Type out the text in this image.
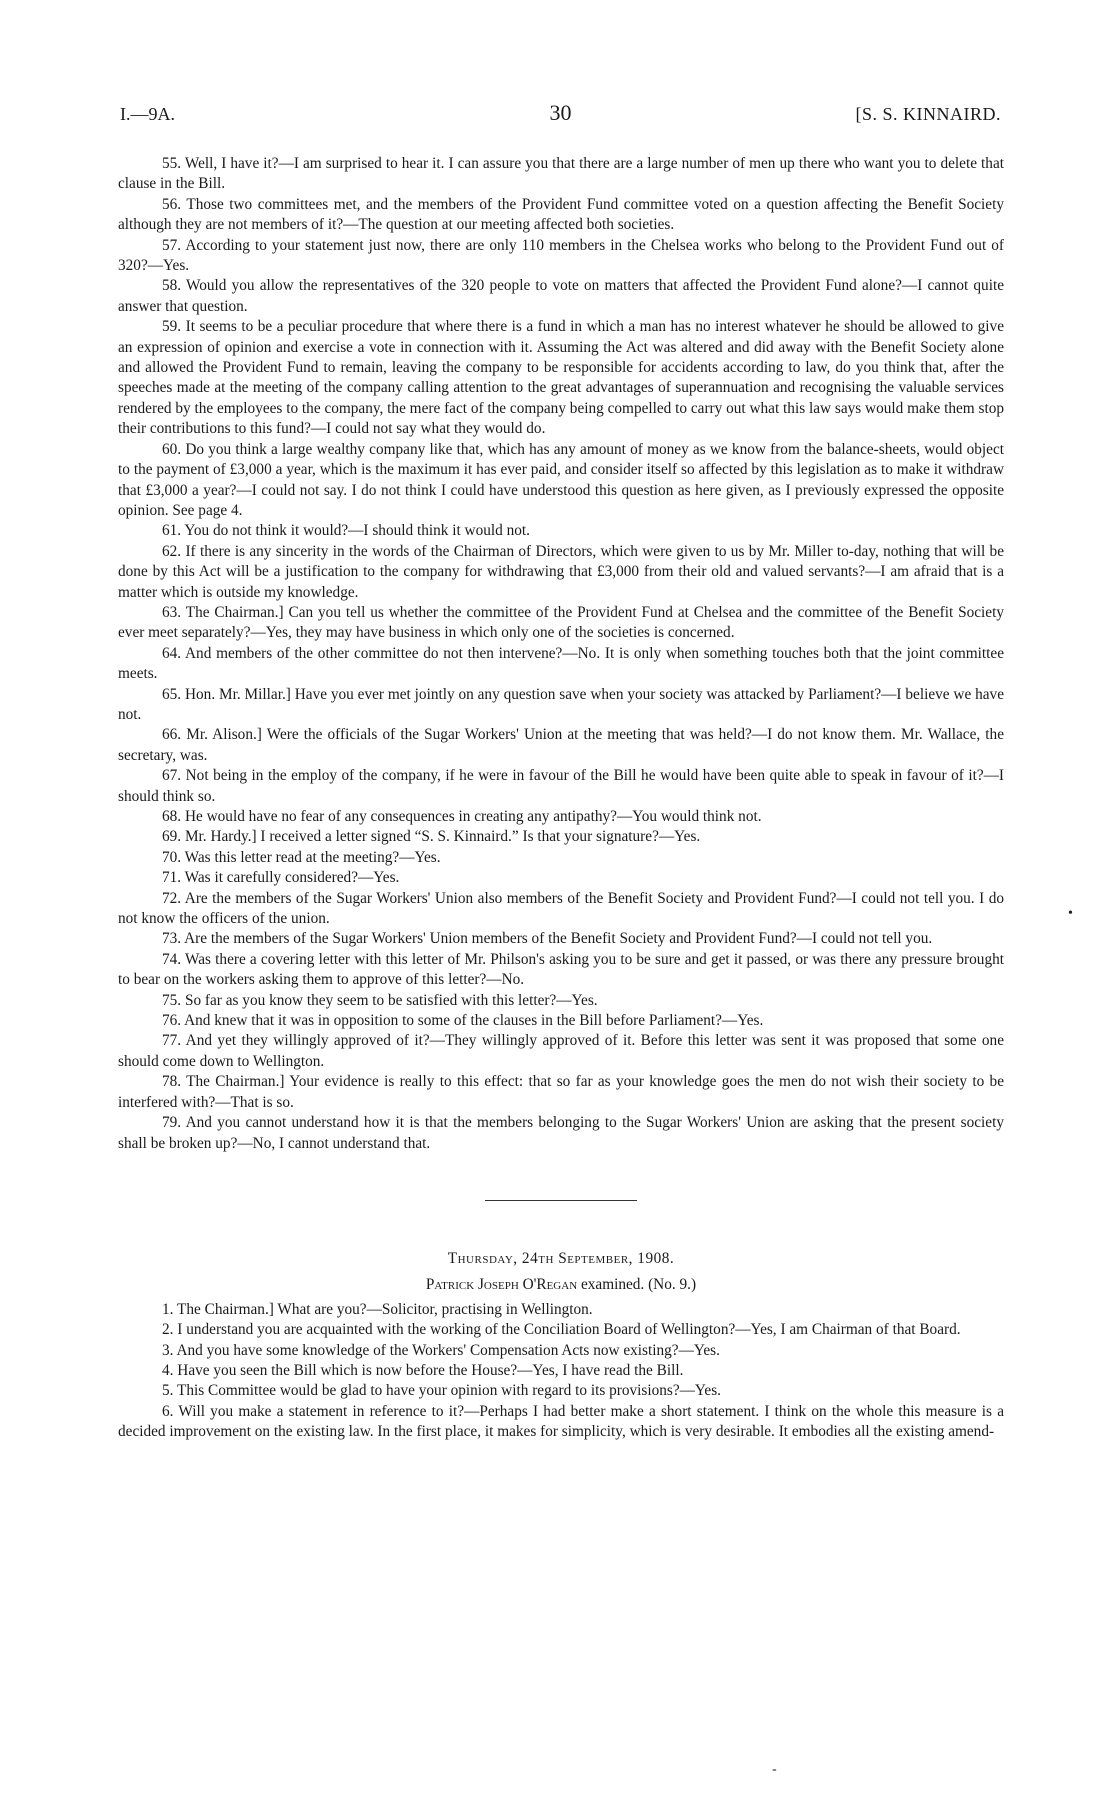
I.—9A.	30	[S. S. KINNAIRD.

55. Well, I have it?—I am surprised to hear it. I can assure you that there are a large number of men up there who want you to delete that clause in the Bill.

56. Those two committees met, and the members of the Provident Fund committee voted on a question affecting the Benefit Society although they are not members of it?—The question at our meeting affected both societies.

57. According to your statement just now, there are only 110 members in the Chelsea works who belong to the Provident Fund out of 320?—Yes.

58. Would you allow the representatives of the 320 people to vote on matters that affected the Provident Fund alone?—I cannot quite answer that question.

59. It seems to be a peculiar procedure that where there is a fund in which a man has no interest whatever he should be allowed to give an expression of opinion and exercise a vote in connection with it. Assuming the Act was altered and did away with the Benefit Society alone and allowed the Provident Fund to remain, leaving the company to be responsible for accidents according to law, do you think that, after the speeches made at the meeting of the company calling attention to the great advantages of superannuation and recognising the valuable services rendered by the employees to the company, the mere fact of the company being compelled to carry out what this law says would make them stop their contributions to this fund?—I could not say what they would do.

60. Do you think a large wealthy company like that, which has any amount of money as we know from the balance-sheets, would object to the payment of £3,000 a year, which is the maximum it has ever paid, and consider itself so affected by this legislation as to make it withdraw that £3,000 a year?—I could not say. I do not think I could have understood this question as here given, as I previously expressed the opposite opinion. See page 4.

61. You do not think it would?—I should think it would not.

62. If there is any sincerity in the words of the Chairman of Directors, which were given to us by Mr. Miller to-day, nothing that will be done by this Act will be a justification to the company for withdrawing that £3,000 from their old and valued servants?—I am afraid that is a matter which is outside my knowledge.

63. The Chairman.] Can you tell us whether the committee of the Provident Fund at Chelsea and the committee of the Benefit Society ever meet separately?—Yes, they may have business in which only one of the societies is concerned.

64. And members of the other committee do not then intervene?—No. It is only when something touches both that the joint committee meets.

65. Hon. Mr. Millar.] Have you ever met jointly on any question save when your society was attacked by Parliament?—I believe we have not.

66. Mr. Alison.] Were the officials of the Sugar Workers' Union at the meeting that was held?—I do not know them. Mr. Wallace, the secretary, was.

67. Not being in the employ of the company, if he were in favour of the Bill he would have been quite able to speak in favour of it?—I should think so.

68. He would have no fear of any consequences in creating any antipathy?—You would think not.

69. Mr. Hardy.] I received a letter signed “S. S. Kinnaird.” Is that your signature?—Yes.

70. Was this letter read at the meeting?—Yes.

71. Was it carefully considered?—Yes.

72. Are the members of the Sugar Workers' Union also members of the Benefit Society and Provident Fund?—I could not tell you. I do not know the officers of the union.

73. Are the members of the Sugar Workers' Union members of the Benefit Society and Provident Fund?—I could not tell you.

74. Was there a covering letter with this letter of Mr. Philson's asking you to be sure and get it passed, or was there any pressure brought to bear on the workers asking them to approve of this letter?—No.

75. So far as you know they seem to be satisfied with this letter?—Yes.

76. And knew that it was in opposition to some of the clauses in the Bill before Parliament?—Yes.

77. And yet they willingly approved of it?—They willingly approved of it. Before this letter was sent it was proposed that some one should come down to Wellington.

78. The Chairman.] Your evidence is really to this effect: that so far as your knowledge goes the men do not wish their society to be interfered with?—That is so.

79. And you cannot understand how it is that the members belonging to the Sugar Workers' Union are asking that the present society shall be broken up?—No, I cannot understand that.

Thursday, 24th September, 1908.

Patrick Joseph O'Regan examined. (No. 9.)

1. The Chairman.] What are you?—Solicitor, practising in Wellington.

2. I understand you are acquainted with the working of the Conciliation Board of Wellington?—Yes, I am Chairman of that Board.

3. And you have some knowledge of the Workers' Compensation Acts now existing?—Yes.

4. Have you seen the Bill which is now before the House?—Yes, I have read the Bill.

5. This Committee would be glad to have your opinion with regard to its provisions?—Yes.

6. Will you make a statement in reference to it?—Perhaps I had better make a short statement. I think on the whole this measure is a decided improvement on the existing law. In the first place, it makes for simplicity, which is very desirable. It embodies all the existing amend-

•
-
